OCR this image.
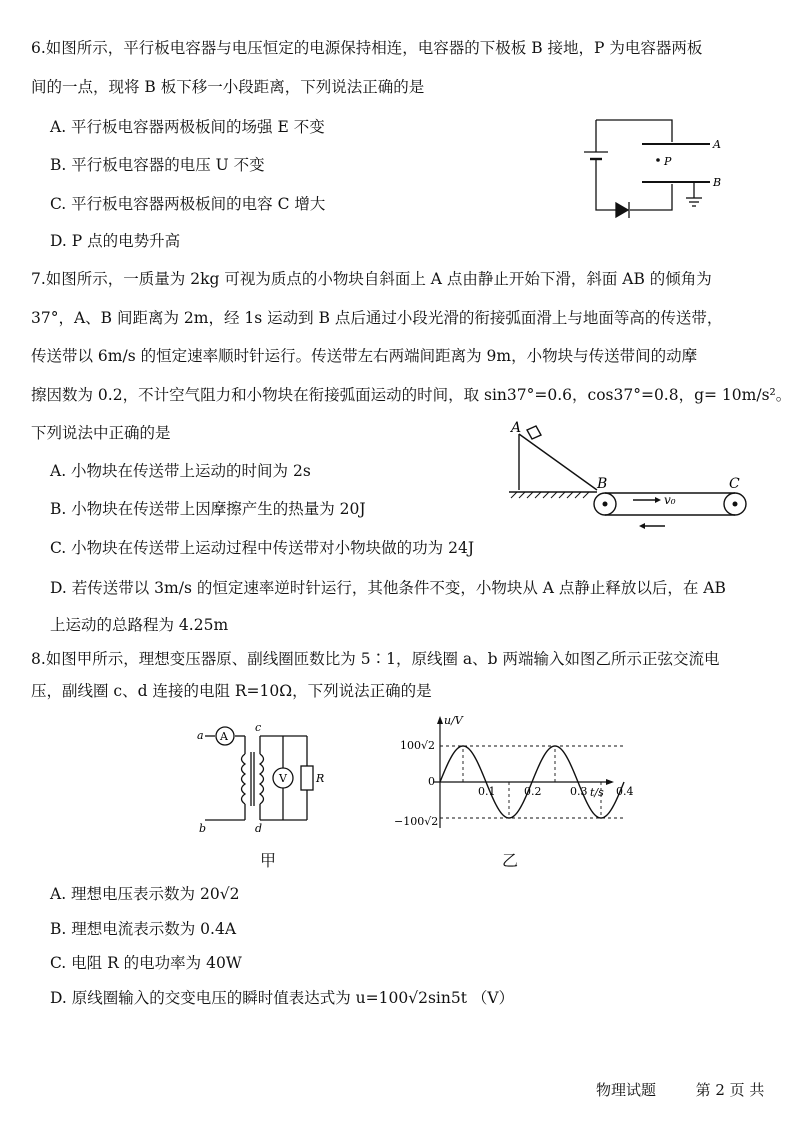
6.如图所示，平行板电容器与电压恒定的电源保持相连，电容器的下极板 B 接地，P 为电容器两板
间的一点，现将 B 板下移一小段距离，下列说法正确的是
A. 平行板电容器两极板间的场强 E 不变
B. 平行板电容器的电压 U 不变
C. 平行板电容器两极板间的电容 C 增大
D. P 点的电势升高
P
A
B
7.如图所示，一质量为 2kg 可视为质点的小物块自斜面上 A 点由静止开始下滑，斜面 AB 的倾角为
37°，A、B 间距离为 2m，经 1s 运动到 B 点后通过小段光滑的衔接弧面滑上与地面等高的传送带，
传送带以 6m/s 的恒定速率顺时针运行。传送带左右两端间距离为 9m，小物块与传送带间的动摩
擦因数为 0.2，不计空气阻力和小物块在衔接弧面运动的时间，取 sin37°=0.6，cos37°=0.8，g= 10m/s²。
下列说法中正确的是
A. 小物块在传送带上运动的时间为 2s
B. 小物块在传送带上因摩擦产生的热量为 20J
C. 小物块在传送带上运动过程中传送带对小物块做的功为 24J
D. 若传送带以 3m/s 的恒定速率逆时针运行，其他条件不变，小物块从 A 点静止释放以后，在 AB
上运动的总路程为 4.25m
A
B	C
v₀
8.如图甲所示，理想变压器原、副线圈匝数比为 5∶1，原线圈 a、b 两端输入如图乙所示正弦交流电
压，副线圈 c、d 连接的电阻 R=10Ω，下列说法正确的是
A
V	R
a
b
c
d
甲
0.1	0.2	0.3	0.4
u/V
t/s
100√2
−100√2
0
乙
A. 理想电压表示数为 20√2
B. 理想电流表示数为 0.4A
C. 电阻 R 的电功率为 40W
D. 原线圈输入的交变电压的瞬时值表达式为 u=100√2sin5t （V）
物理试题	第 2 页 共
